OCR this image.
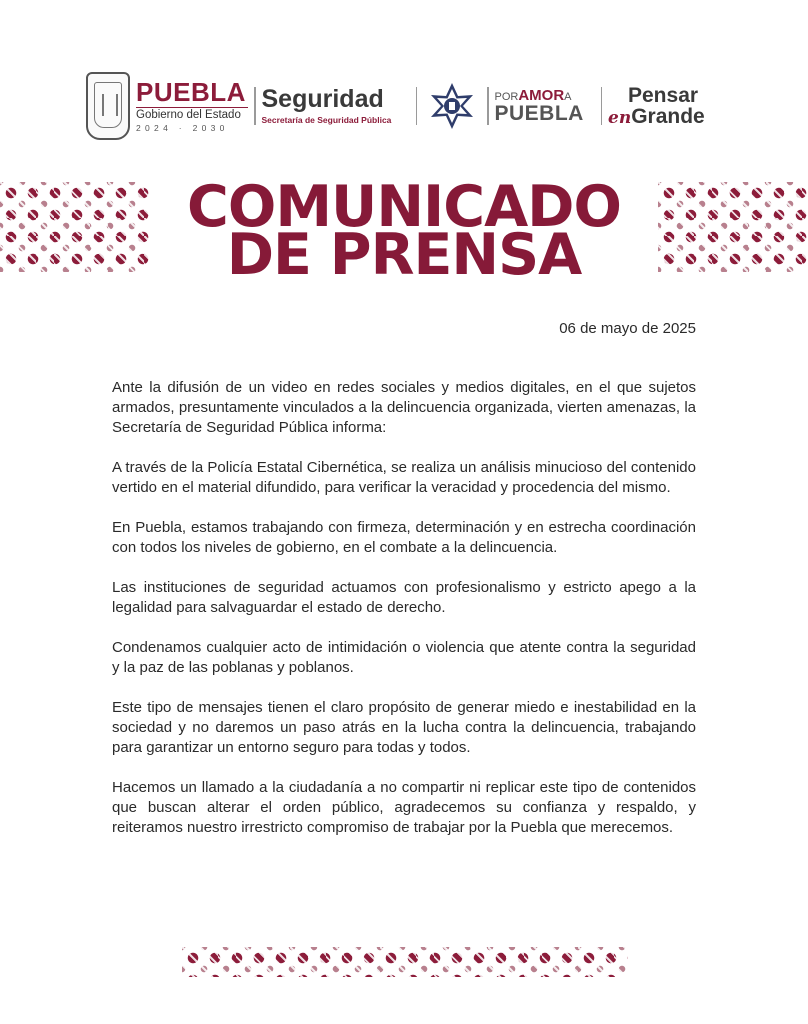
PUEBLA
Gobierno del Estado
2024 · 2030
Seguridad
Secretaría de Seguridad Pública
PORAMORA
PUEBLA
Pensar
enGrande
COMUNICADO
DE PRENSA
06 de mayo de 2025

Ante la difusión de un video en redes sociales y medios digitales, en el que sujetos armados, presuntamente vinculados a la delincuencia organizada, vierten amenazas, la Secretaría de Seguridad Pública informa:

A través de la Policía Estatal Cibernética, se realiza un análisis minucioso del contenido vertido en el material difundido, para verificar la veracidad y procedencia del mismo.

En Puebla, estamos trabajando con firmeza, determinación y en estrecha coordinación con todos los niveles de gobierno, en el combate a la delincuencia.

Las instituciones de seguridad actuamos con profesionalismo y estricto apego a la legalidad para salvaguardar el estado de derecho.

Condenamos cualquier acto de intimidación o violencia que atente contra la seguridad y la paz de las poblanas y poblanos.

Este tipo de mensajes tienen el claro propósito de generar miedo e inestabilidad en la sociedad y no daremos un paso atrás en la lucha contra la delincuencia, trabajando para garantizar un entorno seguro para todas y todos.

Hacemos un llamado a la ciudadanía a no compartir ni replicar este tipo de contenidos que buscan alterar el orden público, agradecemos su confianza y respaldo, y reiteramos nuestro irrestricto compromiso de trabajar por la Puebla que merecemos.
